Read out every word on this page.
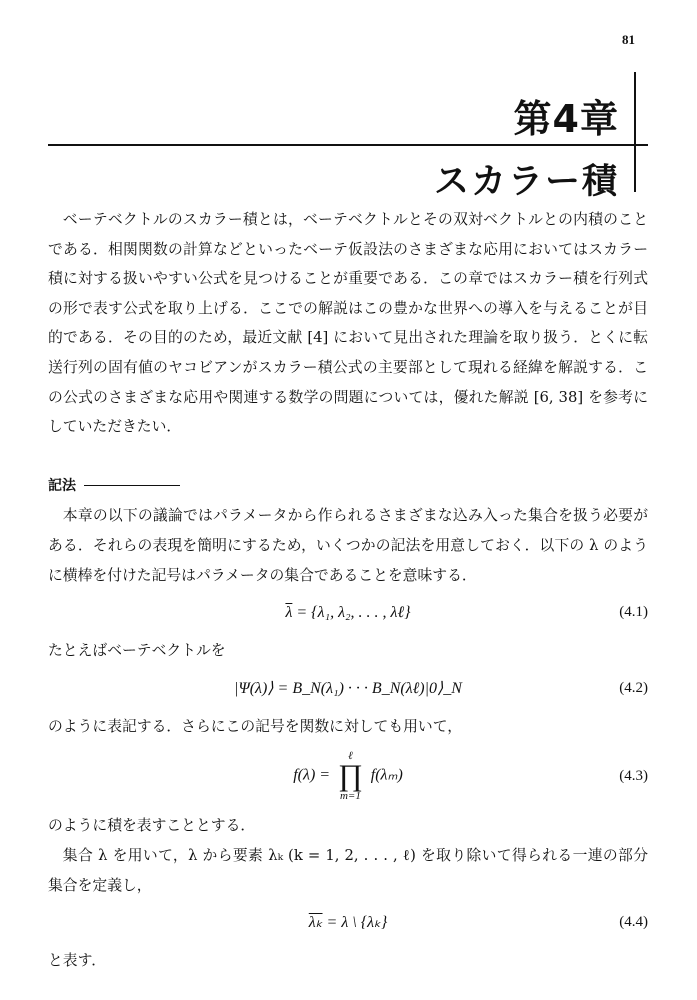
81
第4章
スカラー積

ベーテベクトルのスカラー積とは，ベーテベクトルとその双対ベクトルとの内積のことである．相関関数の計算などといったベーテ仮設法のさまざまな応用においてはスカラー積に対する扱いやすい公式を見つけることが重要である．この章ではスカラー積を行列式の形で表す公式を取り上げる．ここでの解説はこの豊かな世界への導入を与えることが目的である．その目的のため，最近文献 [4] において見出された理論を取り扱う．とくに転送行列の固有値のヤコビアンがスカラー積公式の主要部として現れる経緯を解説する．この公式のさまざまな応用や関連する数学の問題については，優れた解説 [6, 38] を参考にしていただきたい．

記法

本章の以下の議論ではパラメータから作られるさまざまな込み入った集合を扱う必要がある．それらの表現を簡明にするため，いくつかの記法を用意しておく．以下の λ のように横棒を付けた記号はパラメータの集合であることを意味する．

$\overline{\lambda} = \{\lambda_1$, λ₂, . . . , λℓ}	(4.1)

たとえばベーテベクトルを

|Ψ(λ)⟩ = B_N(λ₁) · · · B_N(λℓ)|0⟩_N	(4.2)

のように表記する．さらにこの記号を関数に対しても用いて，

f(λ) =
ℓ
∏
m=1
f(λₘ)	(4.3)

のように積を表すこととする．

集合 λ を用いて，λ から要素 λₖ (k = 1, 2, . . . , ℓ) を取り除いて得られる一連の部分集合を定義し，

$\overline{\lambda_k} = \lambda$ \ {λₖ}	(4.4)

と表す．
